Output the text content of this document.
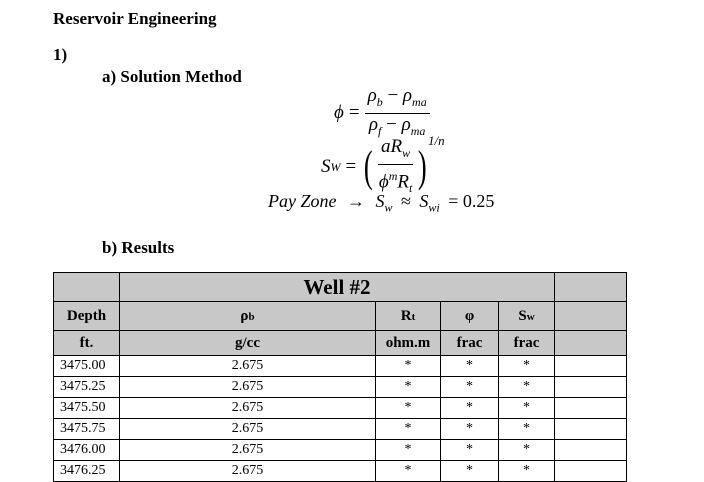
Reservoir Engineering
1)
a) Solution Method
$\phi = \frac{\rho_b - \rho_{ma}}{\rho_f - \rho_{ma}}$
S W = ( $\frac{aR_w}{\phi^mR_t}$ )
1/n
Pay Zone → $S_w \approx S_{wi} = 0.25$
b) Results
	Well #2				
Depth	ρb	Rt	φ	Sw	
ft.	g/cc	ohm.m	frac	frac	
3475.00	2.675	*	*	*	
3475.25	2.675	*	*	*	
3475.50	2.675	*	*	*	
3475.75	2.675	*	*	*	
3476.00	2.675	*	*	*	
3476.25	2.675	*	*	*	
